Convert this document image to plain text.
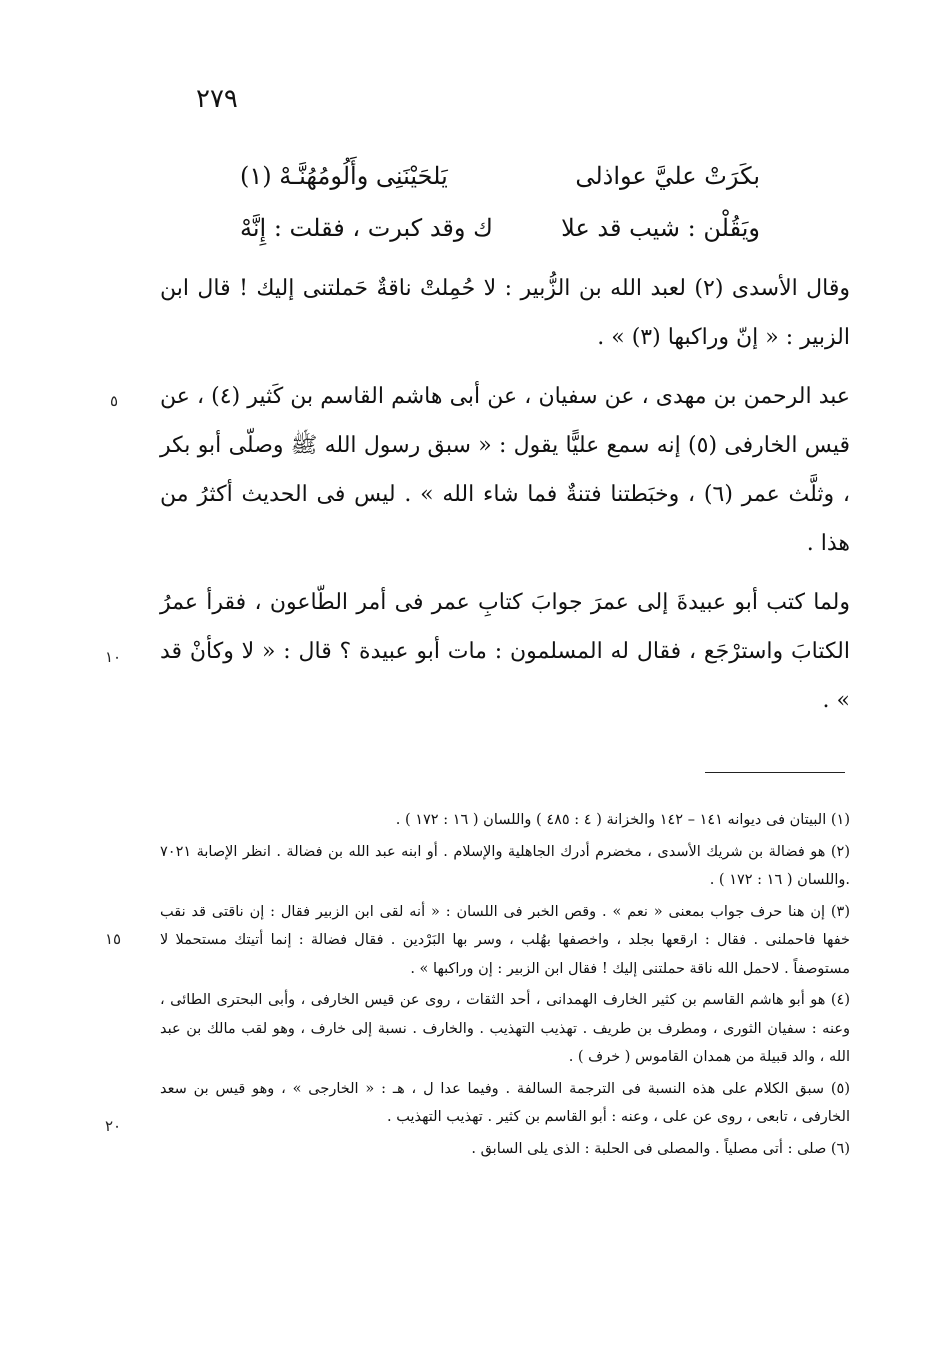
٢٧٩
بكَرَتْ عليَّ عواذلى
يَلحَيْنَنِى وأَلُومُهُنَّـهْ (١)
ويَقُلْن : شيب قد علا
ك وقد كبرت ، فقلت : إِنَّهْ

وقال الأسدى (٢) لعبد الله بن الزُّبير : لا حُمِلتْ ناقةٌ حَملتنى إليك ! قال ابن الزبير : « إنّ وراكبها (٣) » .

عبد الرحمن بن مهدى ، عن سفيان ، عن أبى هاشم القاسم بن كَثير (٤) ، عن قيس الخارفى (٥) إنه سمع عليًّا يقول : « سبق رسول الله ﷺ وصلّى أبو بكر ، وثلَّث عمر (٦) ، وخبَطتنا فتنةٌ فما شاء الله » . ليس فى الحديث أكثرُ من هذا .

ولما كتب أبو عبيدةَ إلى عمرَ جوابَ كتابِ عمر فى أمر الطّاعون ، فقرأ عمرُ الكتابَ واسترْجَع ، فقال له المسلمون : مات أبو عبيدة ؟ قال : « لا وكأنْ قد » .

٥
١٠
١٥
٢٠

(١) البيتان فى ديوانه ١٤١ – ١٤٢ والخزانة ( ٤ : ٤٨٥ ) واللسان ( ١٦ : ١٧٢ ) .

(٢) هو فضالة بن شريك الأسدى ، مخضرم أدرك الجاهلية والإسلام . أو ابنه عبد الله بن فضالة . انظر الإصابة ٧٠٢١ .واللسان ( ١٦ : ١٧٢ ) .

(٣) إن هنا حرف جواب بمعنى « نعم » . وقص الخبر فى اللسان : « أنه لقى ابن الزبير فقال : إن ناقتى قد نقب خفها فاحملنى . فقال : ارقعها بجلد ، واخصفها بهُلب ، وسر بها البَرْدين . فقال فضالة : إنما أتيتك مستحملا لا مستوصفاً . لاحمل الله ناقة حملتنى إليك ! فقال ابن الزبير : إن وراكبها » .

(٤) هو أبو هاشم القاسم بن كثير الخارف الهمدانى ، أحد الثقات ، روى عن قيس الخارفى ، وأبى البحترى الطائى ، وعنه : سفيان الثورى ، ومطرف بن طريف . تهذيب التهذيب . والخارف . نسبة إلى خارف ، وهو لقب مالك بن عبد الله ، والد قبيلة من همدان القاموس ( خرف ) .

(٥) سبق الكلام على هذه النسبة فى الترجمة السالفة . وفيما عدا ل ، هـ : « الخارجى » ، وهو قيس بن سعد الخارفى ، تابعى ، روى عن على ، وعنه : أبو القاسم بن كثير . تهذيب التهذيب .

(٦) صلى : أتى مصلياً . والمصلى فى الحلبة : الذى يلى السابق .
